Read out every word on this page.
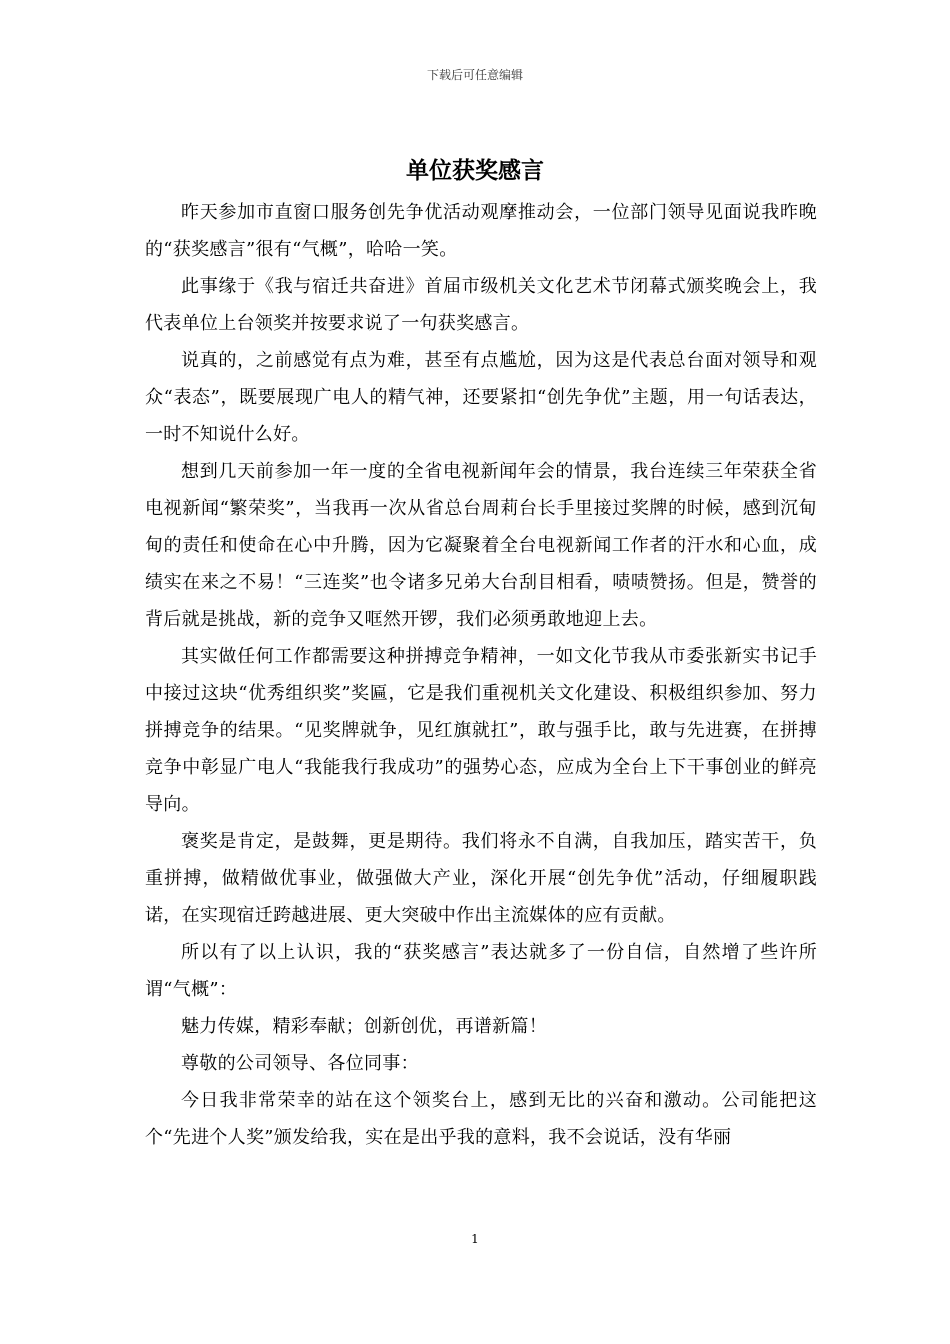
下载后可任意编辑
单位获奖感言

昨天参加市直窗口服务创先争优活动观摩推动会，一位部门领导见面说我昨晚的“获奖感言”很有“气概”，哈哈一笑。

此事缘于《我与宿迁共奋进》首届市级机关文化艺术节闭幕式颁奖晚会上，我代表单位上台领奖并按要求说了一句获奖感言。

说真的，之前感觉有点为难，甚至有点尴尬，因为这是代表总台面对领导和观众“表态”，既要展现广电人的精气神，还要紧扣“创先争优”主题，用一句话表达，一时不知说什么好。

想到几天前参加一年一度的全省电视新闻年会的情景，我台连续三年荣获全省电视新闻“繁荣奖”，当我再一次从省总台周莉台长手里接过奖牌的时候，感到沉甸甸的责任和使命在心中升腾，因为它凝聚着全台电视新闻工作者的汗水和心血，成绩实在来之不易！“三连奖”也令诸多兄弟大台刮目相看，啧啧赞扬。但是，赞誉的背后就是挑战，新的竞争又哐然开锣，我们必须勇敢地迎上去。

其实做任何工作都需要这种拼搏竞争精神，一如文化节我从市委张新实书记手中接过这块“优秀组织奖”奖匾，它是我们重视机关文化建设、积极组织参加、努力拼搏竞争的结果。“见奖牌就争，见红旗就扛”，敢与强手比，敢与先进赛，在拼搏竞争中彰显广电人“我能我行我成功”的强势心态，应成为全台上下干事创业的鲜亮导向。

褒奖是肯定，是鼓舞，更是期待。我们将永不自满，自我加压，踏实苦干，负重拼搏，做精做优事业，做强做大产业，深化开展“创先争优”活动，仔细履职践诺，在实现宿迁跨越进展、更大突破中作出主流媒体的应有贡献。

所以有了以上认识，我的“获奖感言”表达就多了一份自信，自然增了些许所谓“气概”：

魅力传媒，精彩奉献；创新创优，再谱新篇！

尊敬的公司领导、各位同事：

今日我非常荣幸的站在这个领奖台上，感到无比的兴奋和激动。公司能把这个“先进个人奖”颁发给我，实在是出乎我的意料，我不会说话，没有华丽

1
